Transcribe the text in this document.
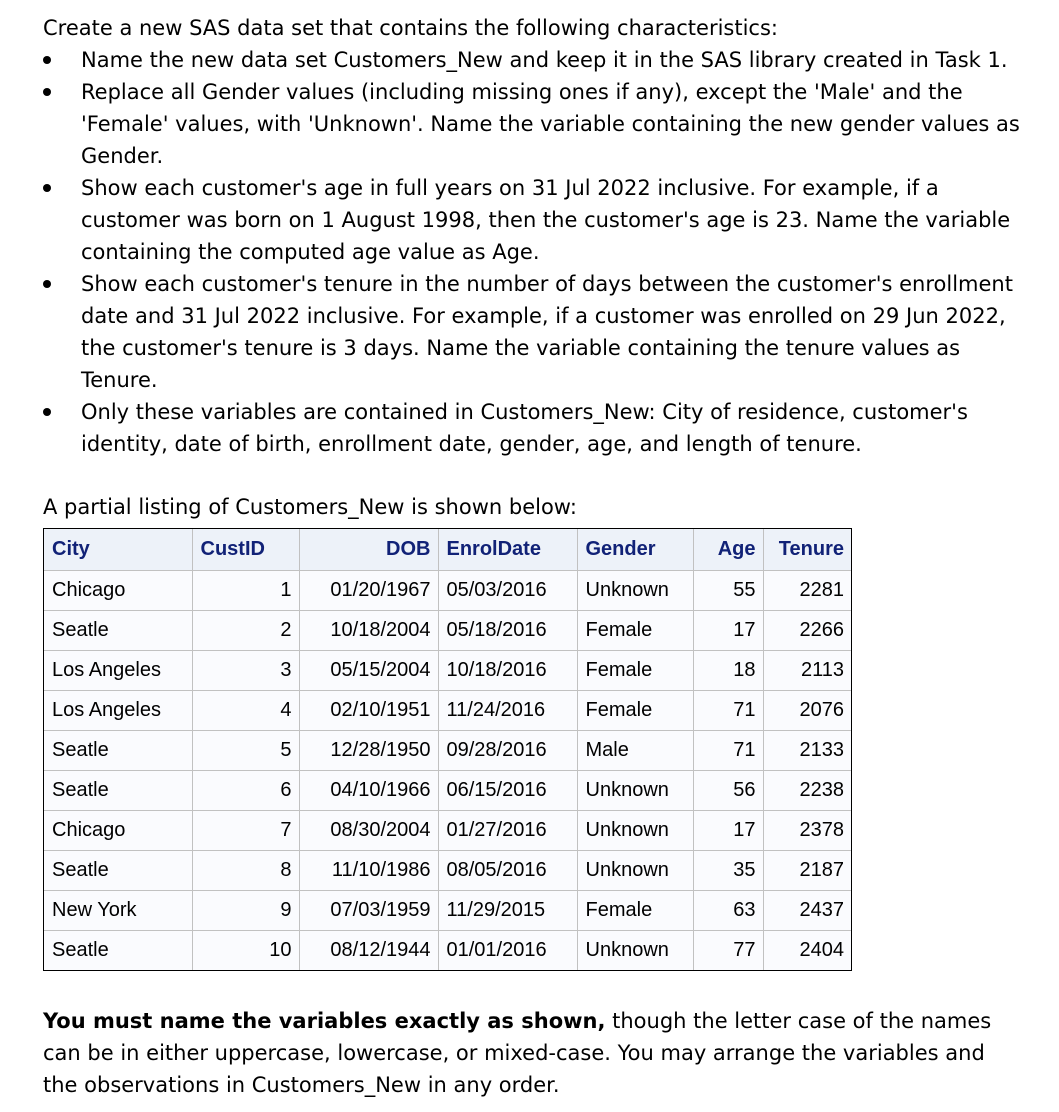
Create a new SAS data set that contains the following characteristics:
Name the new data set Customers_New and keep it in the SAS library created in Task 1.
Replace all Gender values (including missing ones if any), except the 'Male' and the 'Female' values, with 'Unknown'. Name the variable containing the new gender values as Gender.
Show each customer's age in full years on 31 Jul 2022 inclusive. For example, if a customer was born on 1 August 1998, then the customer's age is 23. Name the variable containing the computed age value as Age.
Show each customer's tenure in the number of days between the customer's enrollment date and 31 Jul 2022 inclusive. For example, if a customer was enrolled on 29 Jun 2022, the customer's tenure is 3 days. Name the variable containing the tenure values as Tenure.
Only these variables are contained in Customers_New: City of residence, customer's identity, date of birth, enrollment date, gender, age, and length of tenure.
A partial listing of Customers_New is shown below:
City	CustID	DOB	EnrolDate	Gender	Age	Tenure
Chicago	1	01/20/1967	05/03/2016	Unknown	55	2281
Seatle	2	10/18/2004	05/18/2016	Female	17	2266
Los Angeles	3	05/15/2004	10/18/2016	Female	18	2113
Los Angeles	4	02/10/1951	11/24/2016	Female	71	2076
Seatle	5	12/28/1950	09/28/2016	Male	71	2133
Seatle	6	04/10/1966	06/15/2016	Unknown	56	2238
Chicago	7	08/30/2004	01/27/2016	Unknown	17	2378
Seatle	8	11/10/1986	08/05/2016	Unknown	35	2187
New York	9	07/03/1959	11/29/2015	Female	63	2437
Seatle	10	08/12/1944	01/01/2016	Unknown	77	2404
You must name the variables exactly as shown, though the letter case of the names can be in either uppercase, lowercase, or mixed-case. You may arrange the variables and the observations in Customers_New in any order.
